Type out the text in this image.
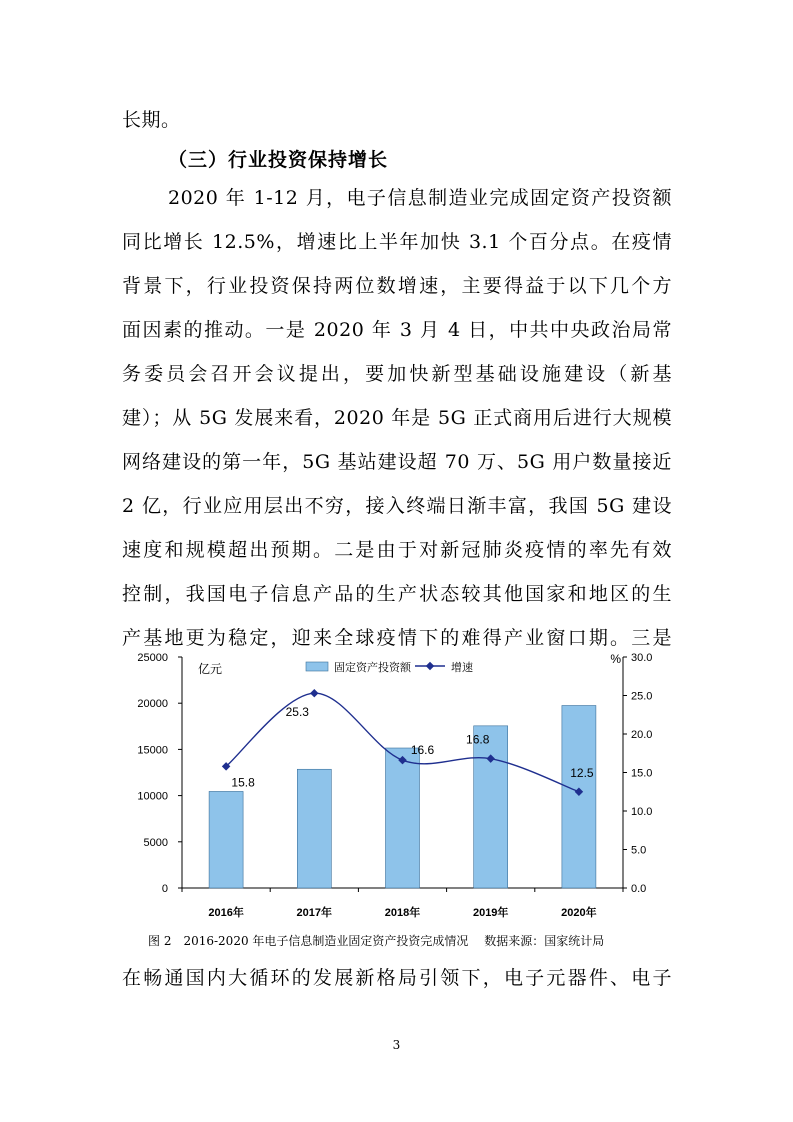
长期。

（三）行业投资保持增长

2020 年 1-12 月，电子信息制造业完成固定资产投资额

同比增长 12.5%，增速比上半年加快 3.1 个百分点。在疫情

背景下，行业投资保持两位数增速，主要得益于以下几个方

面因素的推动。一是 2020 年 3 月 4 日，中共中央政治局常

务委员会召开会议提出，要加快新型基础设施建设（新基

建）；从 5G 发展来看，2020 年是 5G 正式商用后进行大规模

网络建设的第一年，5G 基站建设超 70 万、5G 用户数量接近

2 亿，行业应用层出不穷，接入终端日渐丰富，我国 5G 建设

速度和规模超出预期。二是由于对新冠肺炎疫情的率先有效

控制，我国电子信息产品的生产状态较其他国家和地区的生

产基地更为稳定，迎来全球疫情下的难得产业窗口期。三是

0
5000
10000
15000
20000
25000
0.0
5.0
10.0
15.0
20.0
25.0
30.0
2016年	2017年	2018年	2019年	2020年
亿元
%
15.8
25.3
16.6
16.8
12.5
固定资产投资额	增速

图 2　2016-2020 年电子信息制造业固定资产投资完成情况　 数据来源：国家统计局

在畅通国内大循环的发展新格局引领下，电子元器件、电子

3
